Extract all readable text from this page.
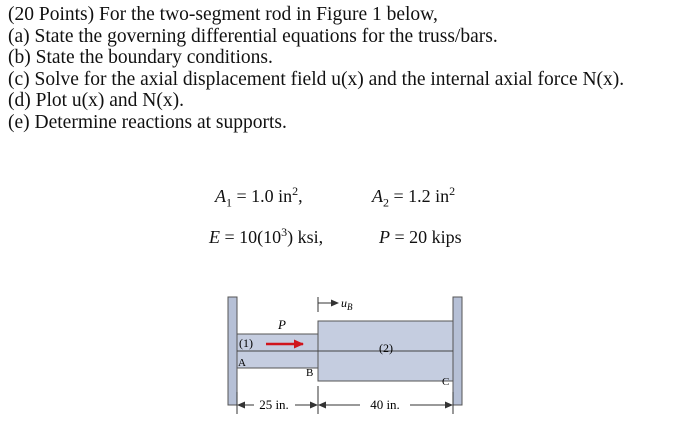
(20 Points) For the two-segment rod in Figure 1 below,
(a) State the governing differential equations for the truss/bars.
(b) State the boundary conditions.
(c) Solve for the axial displacement field u(x) and the internal axial force N(x).
(d) Plot u(x) and N(x).
(e) Determine reactions at supports.
$A_1 = 1.0$ $in^2$,	$A_2 = 1.2$ $in^2$
$E = 10(10^3)$ ksi,	P = 20 kips
P
(1)	(2)
A
B
C
$u_B$
25 in.	40 in.
